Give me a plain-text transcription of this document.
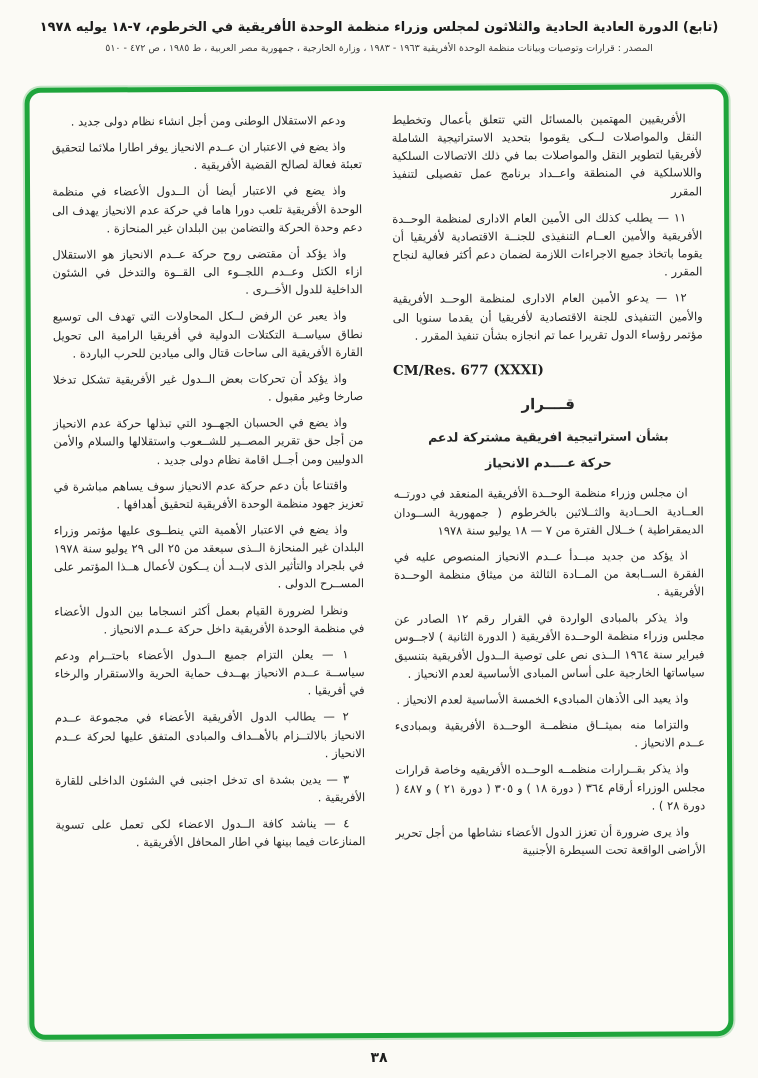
(تابع) الدورة العادية الحادية والثلاثون لمجلس وزراء منظمة الوحدة الأفريقية في الخرطوم، ٧-١٨ يوليه ١٩٧٨
المصدر : قرارات وتوصيات وبيانات منظمة الوحدة الأفريقية ١٩٦٣ - ١٩٨٣ ، وزارة الخارجية ، جمهورية مصر العربية ، ط ١٩٨٥ ، ص ٤٧٢ - ٥١٠

الأفريقيين المهتمين بالمسائل التي تتعلق بأعمال وتخطيط النقل والمواصلات لــكى يقوموا بتحديد الاستراتيجية الشاملة لأفريقيا لتطوير النقل والمواصلات بما في ذلك الاتصالات السلكية واللاسلكية في المنطقة واعــداد برنامج عمل تفصيلى لتنفيذ المقرر

١١ — يطلب كذلك الى الأمين العام الادارى لمنظمة الوحــدة الأفريقية والأمين العــام التنفيذى للجنــة الاقتصادية لأفريقيا أن يقوما باتخاذ جميع الاجراءات اللازمة لضمان دعم أكثر فعالية لنجاح المقرر .

١٢ — يدعو الأمين العام الادارى لمنظمة الوحــد الأفريقية والأمين التنفيذى للجنة الاقتصادية لأفريقيا أن يقدما سنويا الى مؤتمر رؤساء الدول تقريرا عما تم انجازه بشأن تنفيذ المقرر .

CM/Res. 677 (XXXI)
قــــرار
بشأن استراتيجية افريقية مشتركة لدعم
حركة عــــدم الانحياز

ان مجلس وزراء منظمة الوحــدة الأفريقية المنعقد في دورتــه العــادية الحــادية والثــلاثين بالخرطوم ( جمهورية الســودان الديمقراطية ) خــلال الفترة من ٧ — ١٨ يوليو سنة ١٩٧٨

اذ يؤكد من جديد مبــدأ عــدم الانحياز المنصوص عليه في الفقرة الســابعة من المــادة الثالثة من ميثاق منظمة الوحــدة الأفريقية .

واذ يذكر بالمبادى الواردة في القرار رقم ١٢ الصادر عن مجلس وزراء منظمة الوحــدة الأفريقية ( الدورة الثانية ) لاجــوس فبراير سنة ١٩٦٤ الــذى نص على توصية الــدول الأفريقية بتنسيق سياساتها الخارجية على أساس المبادى الأساسية لعدم الانحياز .

واذ يعيد الى الأذهان المبادىء الخمسة الأساسية لعدم الانحياز .

والتزاما منه بميثــاق منظمــة الوحــدة الأفريقية وبمبادىء عــدم الانحياز .

واذ يذكر بقــرارات منظمــه الوحــده الأفريقيه وخاصة قرارات مجلس الوزراء أرقام ٣٦٤ ( دورة ١٨ ) و ٣٠٥ ( دورة ٢١ ) و ٤٨٧ ( دورة ٢٨ ) .

واذ يرى ضرورة أن تعزز الدول الأعضاء نشاطها من أجل تحرير الأراضى الواقعة تحت السيطرة الأجنبية

ودعم الاستقلال الوطنى ومن أجل انشاء نظام دولى جديد .

واذ يضع في الاعتبار ان عــدم الانحياز يوفر اطارا ملائما لتحقيق تعبئة فعالة لصالح القضية الأفريقية .

واذ يضع في الاعتبار أيضا أن الــدول الأعضاء في منظمة الوحدة الأفريقية تلعب دورا هاما في حركة عدم الانحياز يهدف الى دعم وحدة الحركة والتضامن بين البلدان غير المنحازة .

واذ يؤكد أن مقتضى روح حركة عــدم الانحياز هو الاستقلال ازاء الكتل وعــدم اللجــوء الى القــوة والتدخل في الشئون الداخلية للدول الأخــرى .

واذ يعبر عن الرفض لــكل المحاولات التي تهدف الى توسيع نطاق سياســة التكتلات الدولية في أفريقيا الرامية الى تحويل القارة الأفريقية الى ساحات قتال والى ميادين للحرب الباردة .

واذ يؤكد أن تحركات بعض الــدول غير الأفريقية تشكل تدخلا صارخا وغير مقبول .

واذ يضع في الحسبان الجهــود التي تبذلها حركة عدم الانحياز من أجل حق تقرير المصــير للشــعوب واستقلالها والسلام والأمن الدوليين ومن أجــل اقامة نظام دولى جديد .

واقتناعا بأن دعم حركة عدم الانحياز سوف يساهم مباشرة في تعزيز جهود منظمة الوحدة الأفريقية لتحقيق أهدافها .

واذ يضع في الاعتبار الأهمية التي ينطــوى عليها مؤتمر وزراء البلدان غير المنحازة الــذى سيعقد من ٢٥ الى ٢٩ يوليو سنة ١٩٧٨ في بلجراد والتأثير الذى لابــد أن يــكون لأعمال هــذا المؤتمر على المســرح الدولى .

ونظرا لضرورة القيام بعمل أكثر انسجاما بين الدول الأعضاء في منظمة الوحدة الأفريقية داخل حركة عــدم الانحياز .

١ — يعلن التزام جميع الــدول الأعضاء باحتــرام ودعم سياســة عــدم الانحياز بهــدف حماية الحرية والاستقرار والرخاء في أفريقيا .

٢ — يطالب الدول الأفريقية الأعضاء في مجموعة عــدم الانحياز بالالتــزام بالأهــداف والمبادى المتفق عليها لحركة عــدم الانحياز .

٣ — يدين بشدة اى تدخل اجنبى في الشئون الداخلى للقارة الأفريقية .

٤ — يناشد كافة الــدول الاعضاء لكى تعمل على تسوية المنازعات فيما بينها في اطار المحافل الأفريقية .

٣٨
